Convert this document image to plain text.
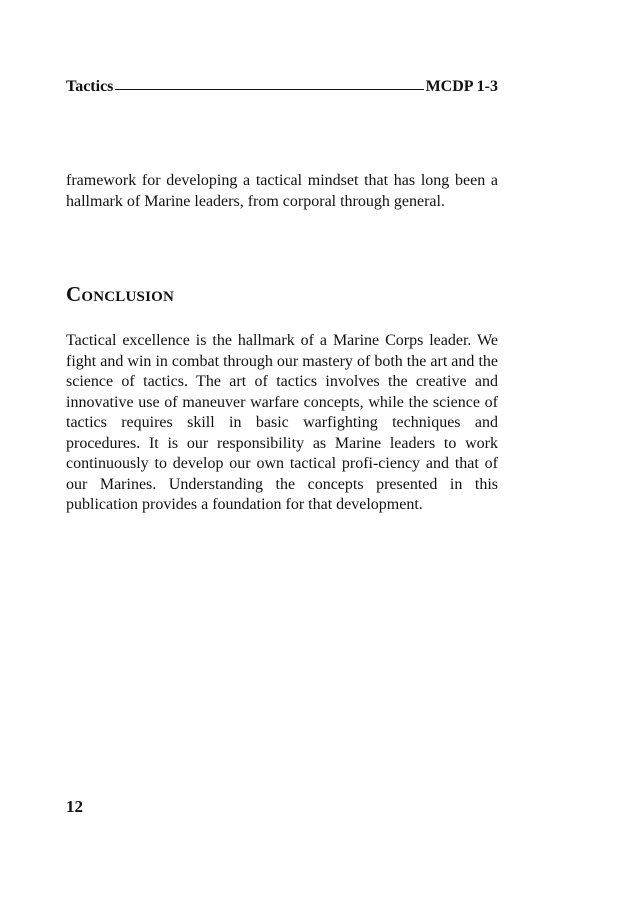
Tactics	MCDP 1-3

framework for developing a tactical mindset that has long been a hallmark of Marine leaders, from corporal through general.

Conclusion

Tactical excellence is the hallmark of a Marine Corps leader. We fight and win in combat through our mastery of both the art and the science of tactics. The art of tactics involves the creative and innovative use of maneuver warfare concepts, while the science of tactics requires skill in basic warfighting techniques and procedures. It is our responsibility as Marine leaders to work continuously to develop our own tactical profi-ciency and that of our Marines. Understanding the concepts presented in this publication provides a foundation for that development.

12
